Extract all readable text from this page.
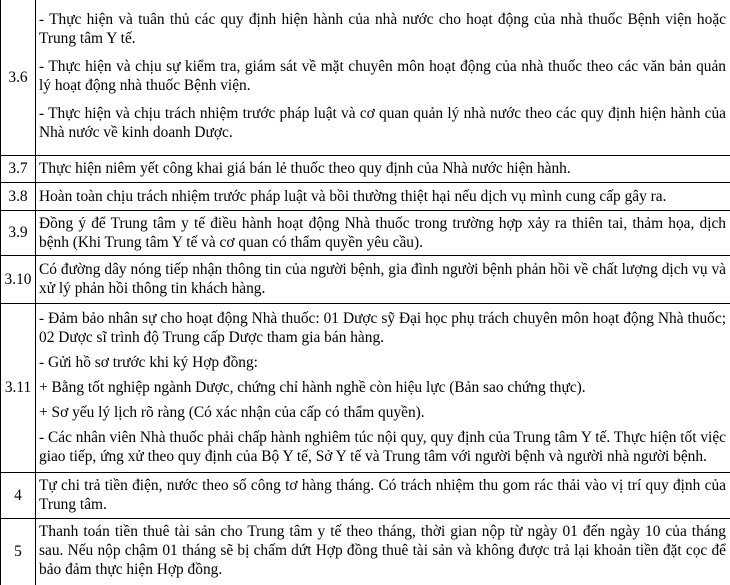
3.6	- Thực hiện và tuân thủ các quy định hiện hành của nhà nước cho hoạt động của nhà thuốc Bệnh viện hoặc Trung tâm Y tế.

- Thực hiện và chịu sự kiểm tra, giám sát về mặt chuyên môn hoạt động của nhà thuốc theo các văn bản quản lý hoạt động nhà thuốc Bệnh viện.

- Thực hiện và chịu trách nhiệm trước pháp luật và cơ quan quản lý nhà nước theo các quy định hiện hành của Nhà nước về kinh doanh Dược.

3.7	Thực hiện niêm yết công khai giá bán lẻ thuốc theo quy định của Nhà nước hiện hành.

3.8	Hoàn toàn chịu trách nhiệm trước pháp luật và bồi thường thiệt hại nếu dịch vụ mình cung cấp gây ra.

3.9	Đồng ý để Trung tâm y tế điều hành hoạt động Nhà thuốc trong trường hợp xảy ra thiên tai, thảm họa, dịch bệnh (Khi Trung tâm Y tế và cơ quan có thẩm quyền yêu cầu).

3.10	Có đường dây nóng tiếp nhận thông tin của người bệnh, gia đình người bệnh phản hồi về chất lượng dịch vụ và xử lý phản hồi thông tin khách hàng.

3.11	- Đảm bảo nhân sự cho hoạt động Nhà thuốc: 01 Dược sỹ Đại học phụ trách chuyên môn hoạt động Nhà thuốc; 02 Dược sĩ trình độ Trung cấp Dược tham gia bán hàng.

- Gửi hồ sơ trước khi ký Hợp đồng:

+ Bằng tốt nghiệp ngành Dược, chứng chỉ hành nghề còn hiệu lực (Bản sao chứng thực).

+ Sơ yếu lý lịch rõ ràng (Có xác nhận của cấp có thẩm quyền).

- Các nhân viên Nhà thuốc phải chấp hành nghiêm túc nội quy, quy định của Trung tâm Y tế. Thực hiện tốt việc giao tiếp, ứng xử theo quy định của Bộ Y tế, Sở Y tế và Trung tâm với người bệnh và người nhà người bệnh.

4	Tự chi trả tiền điện, nước theo số công tơ hàng tháng. Có trách nhiệm thu gom rác thải vào vị trí quy định của Trung tâm.

5	Thanh toán tiền thuê tài sản cho Trung tâm y tế theo tháng, thời gian nộp từ ngày 01 đến ngày 10 của tháng sau. Nếu nộp chậm 01 tháng sẽ bị chấm dứt Hợp đồng thuê tài sản và không được trả lại khoản tiền đặt cọc để bảo đảm thực hiện Hợp đồng.
